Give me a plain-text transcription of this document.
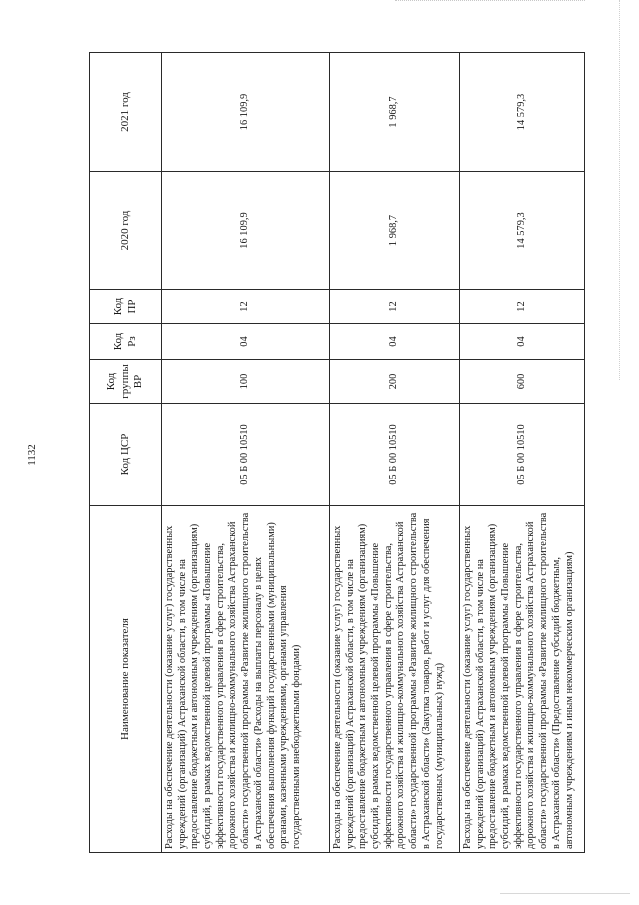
1132
Наименование показателя	Код ЦСР	Код группы ВР	Код Рз	Код ПР	2020 год	2021 год
Расходы на обеспечение деятельности (оказание услуг) государственных учреждений (организаций) Астраханской области, в том числе на предоставление бюджетным и автономным учреждениям (организациям) субсидий, в рамках ведомственной целевой программы «Повышение эффективности государственного управления в сфере строительства, дорожного хозяйства и жилищно-коммунального хозяйства Астраханской области» государственной программы «Развитие жилищного строительства в Астраханской области» (Расходы на выплаты персоналу в целях обеспечения выполнения функций государственными (муниципальными) органами, казенными учреждениями, органами управления государственными внебюджетными фондами)	05 Б 00 10510	100	04	12	16 109,9	16 109,9
Расходы на обеспечение деятельности (оказание услуг) государственных учреждений (организаций) Астраханской области, в том числе на предоставление бюджетным и автономным учреждениям (организациям) субсидий, в рамках ведомственной целевой программы «Повышение эффективности государственного управления в сфере строительства, дорожного хозяйства и жилищно-коммунального хозяйства Астраханской области» государственной программы «Развитие жилищного строительства в Астраханской области» (Закупка товаров, работ и услуг для обеспечения государственных (муниципальных) нужд)	05 Б 00 10510	200	04	12	1 968,7	1 968,7
Расходы на обеспечение деятельности (оказание услуг) государственных учреждений (организаций) Астраханской области, в том числе на предоставление бюджетным и автономным учреждениям (организациям) субсидий, в рамках ведомственной целевой программы «Повышение эффективности государственного управления в сфере строительства, дорожного хозяйства и жилищно-коммунального хозяйства Астраханской области» государственной программы «Развитие жилищного строительства в Астраханской области» (Предоставление субсидий бюджетным, автономным учреждениям и иным некоммерческим организациям)	05 Б 00 10510	600	04	12	14 579,3	14 579,3
